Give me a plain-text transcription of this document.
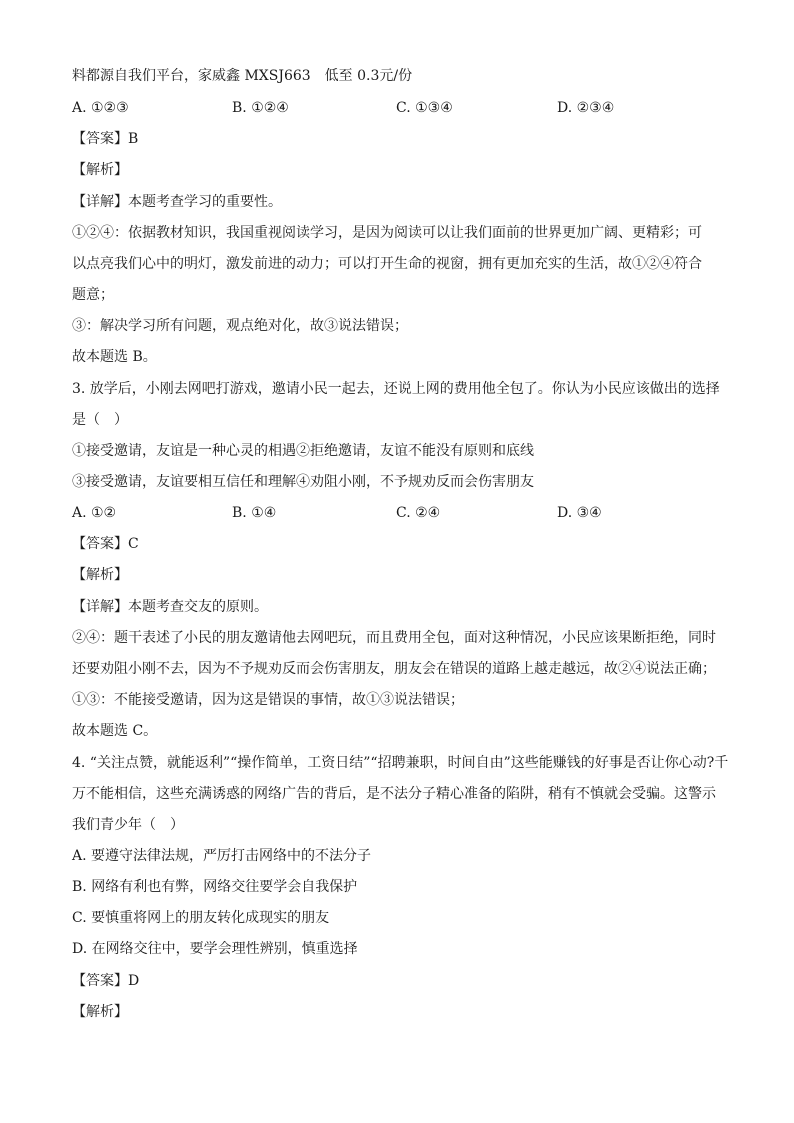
料都源自我们平台，家威鑫 MXSJ663　低至 0.3元/份
A. ①②③	B. ①②④	C. ①③④	D. ②③④
【答案】B
【解析】
【详解】本题考查学习的重要性。
①②④：依据教材知识，我国重视阅读学习，是因为阅读可以让我们面前的世界更加广阔、更精彩；可
以点亮我们心中的明灯，激发前进的动力；可以打开生命的视窗，拥有更加充实的生活，故①②④符合
题意；
③：解决学习所有问题，观点绝对化，故③说法错误；
故本题选 B。
3. 放学后，小刚去网吧打游戏，邀请小民一起去，还说上网的费用他全包了。你认为小民应该做出的选择
是（　）
①接受邀请，友谊是一种心灵的相遇②拒绝邀请，友谊不能没有原则和底线
③接受邀请，友谊要相互信任和理解④劝阻小刚，不予规劝反而会伤害朋友
A. ①②	B. ①④	C. ②④	D. ③④
【答案】C
【解析】
【详解】本题考查交友的原则。
②④：题干表述了小民的朋友邀请他去网吧玩，而且费用全包，面对这种情况，小民应该果断拒绝，同时
还要劝阻小刚不去，因为不予规劝反而会伤害朋友，朋友会在错误的道路上越走越远，故②④说法正确；
①③：不能接受邀请，因为这是错误的事情，故①③说法错误；
故本题选 C。
4. “关注点赞，就能返利”“操作简单，工资日结”“招聘兼职，时间自由”这些能赚钱的好事是否让你心动?千
万不能相信，这些充满诱惑的网络广告的背后，是不法分子精心准备的陷阱，稍有不慎就会受骗。这警示
我们青少年（　）
A. 要遵守法律法规，严厉打击网络中的不法分子
B. 网络有利也有弊，网络交往要学会自我保护
C. 要慎重将网上的朋友转化成现实的朋友
D. 在网络交往中，要学会理性辨别，慎重选择
【答案】D
【解析】
